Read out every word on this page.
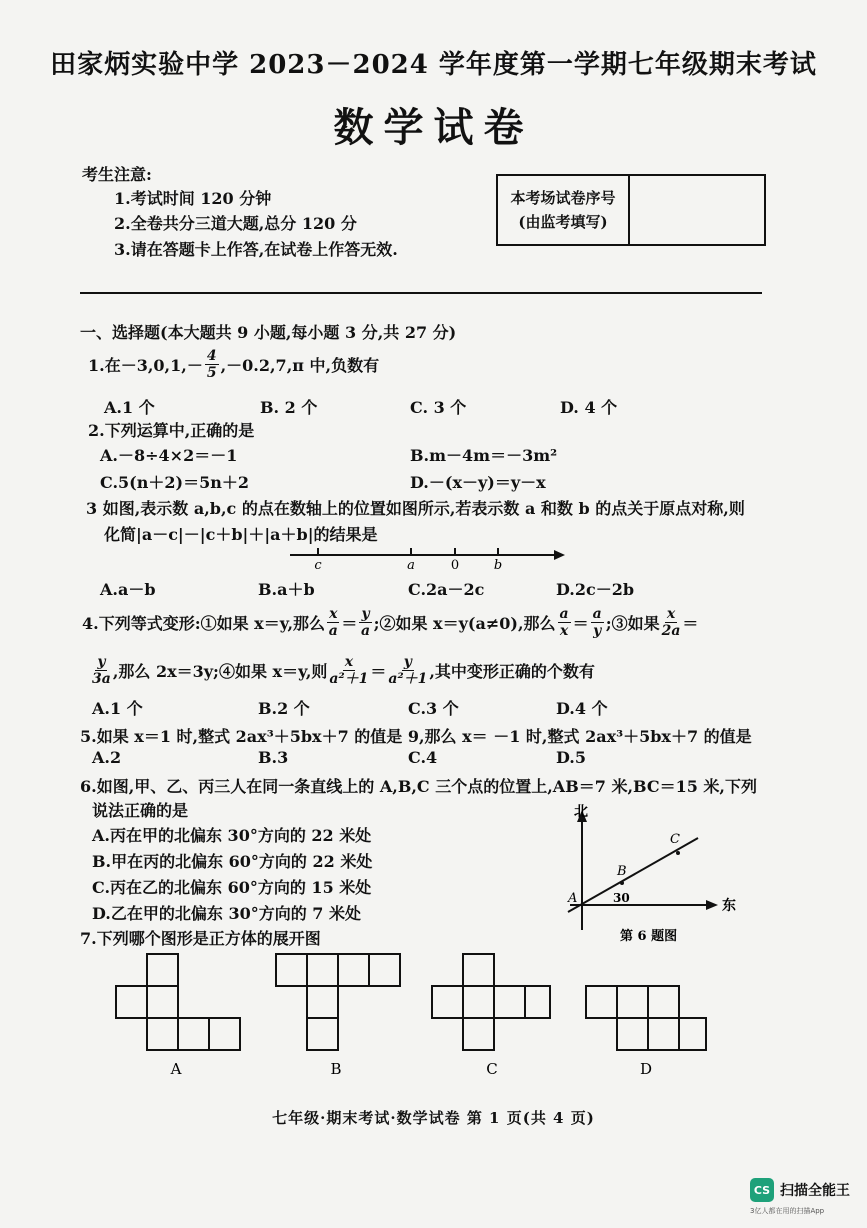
田家炳实验中学 2023－2024 学年度第一学期七年级期末考试
数学试卷
考生注意:
1.考试时间 120 分钟
2.全卷共分三道大题,总分 120 分
3.请在答题卡上作答,在试卷上作答无效.
本考场试卷序号
(由监考填写)
一、选择题(本大题共 9 小题,每小题 3 分,共 27 分)
1.在$-3,0,1,- \frac{4}{5} ,-0.2,7,\pi$ 中,负数有
A.1 个	B. 2 个	C. 3 个	D. 4 个
2.下列运算中,正确的是
A.－8÷4×2＝－1	B.m－4m＝－3m²
C.5(n＋2)＝5n＋2	D.－(x－y)＝y－x
3 如图,表示数 a,b,c 的点在数轴上的位置如图所示,若表示数 a 和数 b 的点关于原点对称,则
化简|a－c|－|c＋b|＋|a＋b|的结果是
c	a	0	b
A.a－b	B.a＋b	C.2a－2c	D.2c－2b
4.下列等式变形:①如果 x＝y,那么 $\frac{x}{a} = \frac{y}{a}$ ;②如果 x＝y(a≠0),那么 $\frac{a}{x} = \frac{a}{y}$ ;③如果 $\frac{x}{2a}$ ＝
$\frac{y}{3a}$ ,那么 2x＝3y;④如果 x＝y,则 $\frac{x}{\text{a²＋1}} = \frac{y}{\text{a²＋1}}$ ,其中变形正确的个数有
A.1 个	B.2 个	C.3 个	D.4 个
5.如果 x＝1 时,整式 2ax³＋5bx＋7 的值是 9,那么 x＝ －1 时,整式 2ax³＋5bx＋7 的值是
A.2	B.3	C.4	D.5
6.如图,甲、乙、丙三人在同一条直线上的 A,B,C 三个点的位置上,AB＝7 米,BC＝15 米,下列
说法正确的是
A.丙在甲的北偏东 30°方向的 22 米处
B.甲在丙的北偏东 60°方向的 22 米处
C.丙在乙的北偏东 60°方向的 15 米处
D.乙在甲的北偏东 30°方向的 7 米处
北
东
A
B
C
30
第 6 题图
7.下列哪个图形是正方体的展开图
A	B	C	D
七年级·期末考试·数学试卷 第 1 页(共 4 页)
CS 扫描全能王
3亿人都在用的扫描App
